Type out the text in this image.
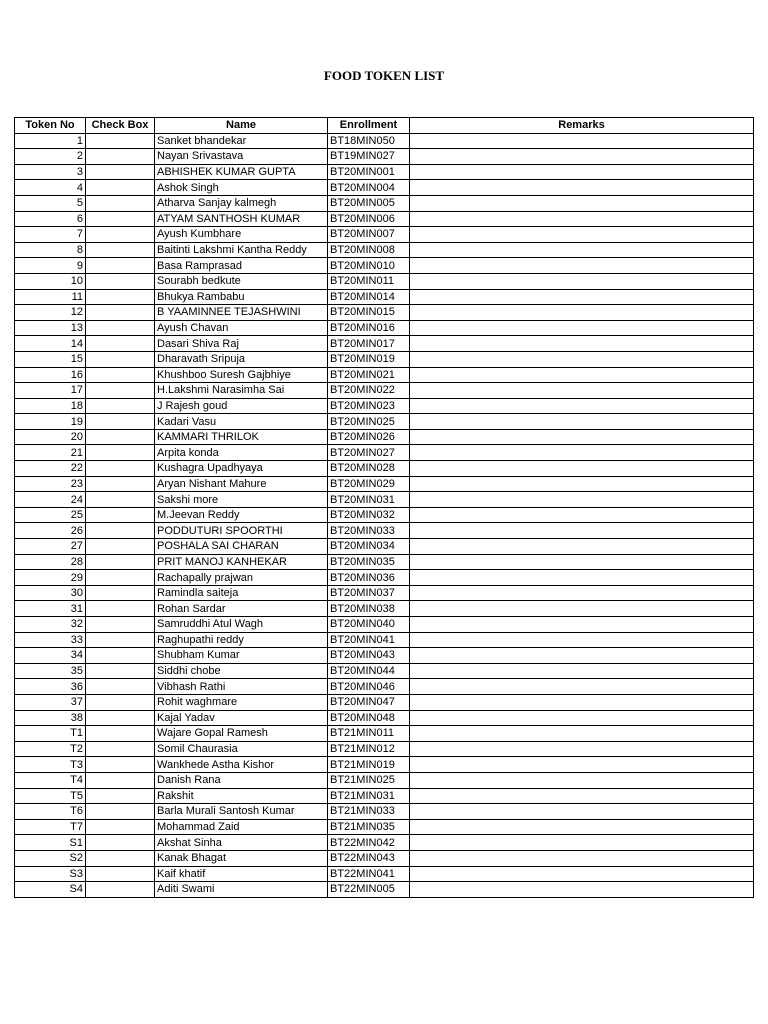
FOOD TOKEN LIST
Token No	Check Box	Name	Enrollment	Remarks
1		Sanket bhandekar	BT18MIN050	
2		Nayan Srivastava	BT19MIN027	
3		ABHISHEK KUMAR GUPTA	BT20MIN001	
4		Ashok Singh	BT20MIN004	
5		Atharva Sanjay kalmegh	BT20MIN005	
6		ATYAM SANTHOSH KUMAR	BT20MIN006	
7		Ayush Kumbhare	BT20MIN007	
8		Baitinti Lakshmi Kantha Reddy	BT20MIN008	
9		Basa Ramprasad	BT20MIN010	
10		Sourabh bedkute	BT20MIN011	
11		Bhukya Rambabu	BT20MIN014	
12		B YAAMINNEE TEJASHWINI	BT20MIN015	
13		Ayush Chavan	BT20MIN016	
14		Dasari Shiva Raj	BT20MIN017	
15		Dharavath Sripuja	BT20MIN019	
16		Khushboo Suresh Gajbhiye	BT20MIN021	
17		H.Lakshmi Narasimha Sai	BT20MIN022	
18		J Rajesh goud	BT20MIN023	
19		Kadari Vasu	BT20MIN025	
20		KAMMARI THRILOK	BT20MIN026	
21		Arpita konda	BT20MIN027	
22		Kushagra Upadhyaya	BT20MIN028	
23		Aryan Nishant Mahure	BT20MIN029	
24		Sakshi more	BT20MIN031	
25		M.Jeevan Reddy	BT20MIN032	
26		PODDUTURI SPOORTHI	BT20MIN033	
27		POSHALA SAI CHARAN	BT20MIN034	
28		PRIT MANOJ KANHEKAR	BT20MIN035	
29		Rachapally prajwan	BT20MIN036	
30		Ramindla saiteja	BT20MIN037	
31		Rohan Sardar	BT20MIN038	
32		Samruddhi Atul Wagh	BT20MIN040	
33		Raghupathi reddy	BT20MIN041	
34		Shubham Kumar	BT20MIN043	
35		Siddhi chobe	BT20MIN044	
36		Vibhash Rathi	BT20MIN046	
37		Rohit waghmare	BT20MIN047	
38		Kajal Yadav	BT20MIN048	
T1		Wajare Gopal Ramesh	BT21MIN011	
T2		Somil Chaurasia	BT21MIN012	
T3		Wankhede Astha Kishor	BT21MIN019	
T4		Danish Rana	BT21MIN025	
T5		Rakshit	BT21MIN031	
T6		Barla Murali Santosh Kumar	BT21MIN033	
T7		Mohammad Zaid	BT21MIN035	
S1		Akshat Sinha	BT22MIN042	
S2		Kanak Bhagat	BT22MIN043	
S3		Kaif khatif	BT22MIN041	
S4		Aditi Swami	BT22MIN005	
